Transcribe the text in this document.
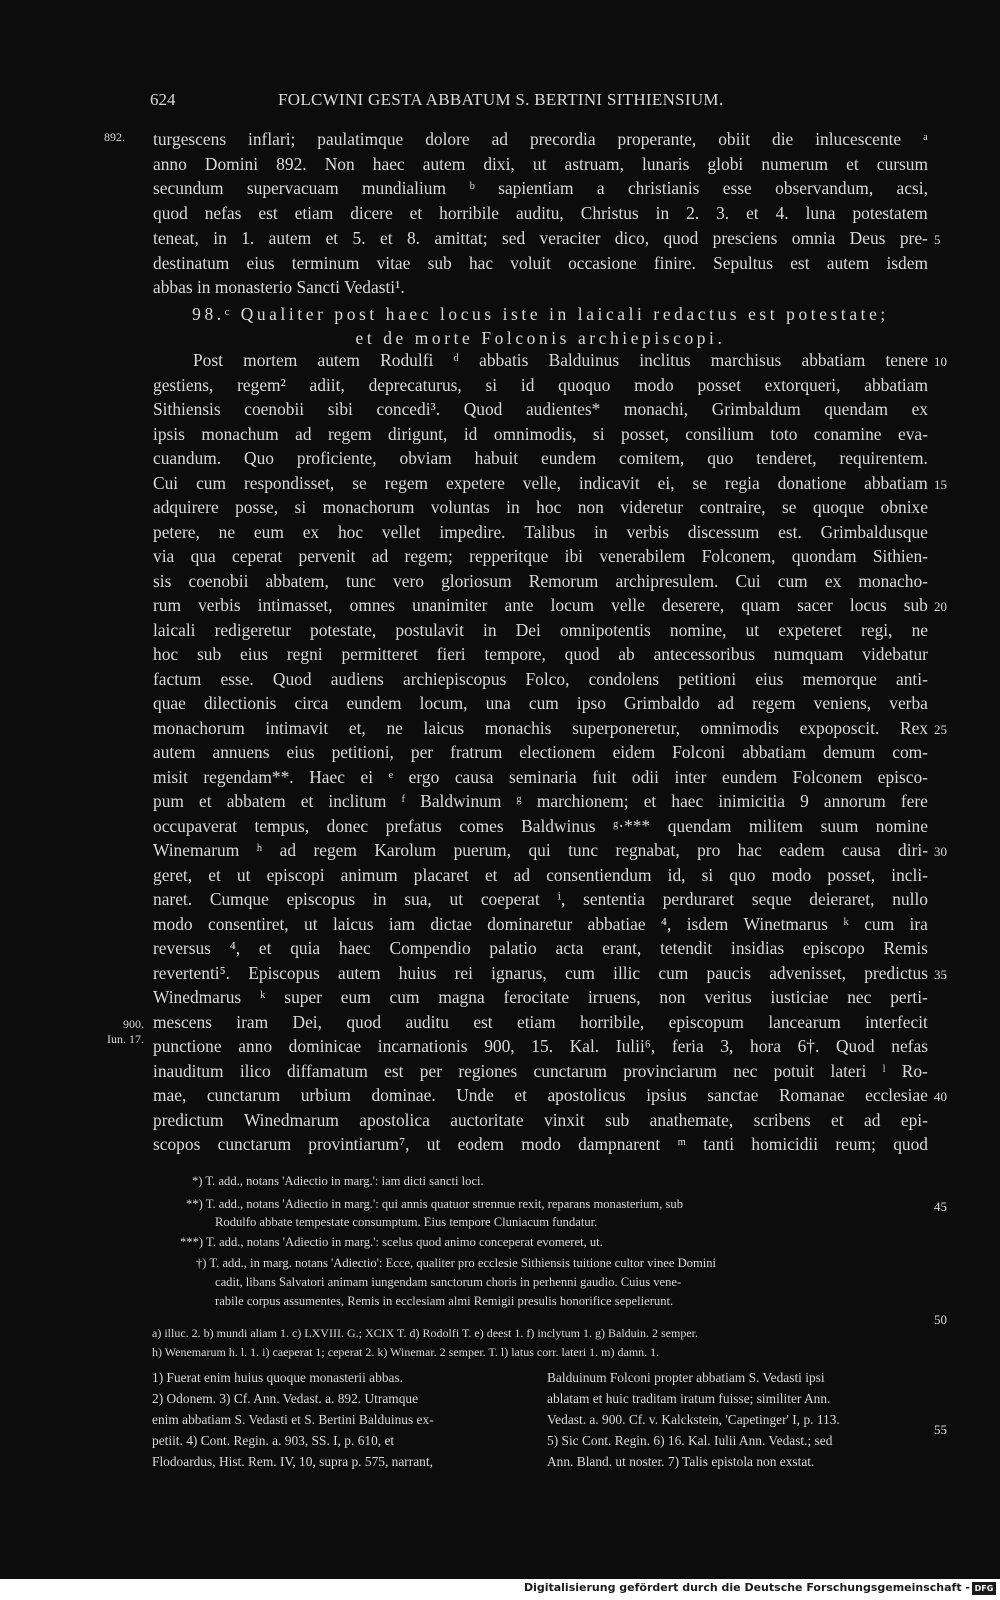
624	FOLCWINI GESTA ABBATUM S. BERTINI SITHIENSIUM.
892.
900.
Iun. 17.
Digitalisierung gefördert durch die Deutsche Forschungsgemeinschaft - DFG
turgescens inflari; paulatimque dolore ad precordia properante, obiit die inlucescente ᵃ
anno Domini 892. Non haec autem dixi, ut astruam, lunaris globi numerum et cursum
secundum supervacuam mundialium ᵇ sapientiam a christianis esse observandum, acsi,
quod nefas est etiam dicere et horribile auditu, Christus in 2. 3. et 4. luna potestatem
teneat, in 1. autem et 5. et 8. amittat; sed veraciter dico, quod presciens omnia Deus pre-
destinatum eius terminum vitae sub hac voluit occasione finire. Sepultus est autem isdem
abbas in monasterio Sancti Vedasti¹.
98.ᶜ Qualiter post haec locus iste in laicali redactus est potestate;
et de morte Folconis archiepiscopi.
Post mortem autem Rodulfi ᵈ abbatis Balduinus inclitus marchisus abbatiam tenere
gestiens, regem² adiit, deprecaturus, si id quoquo modo posset extorqueri, abbatiam
Sithiensis coenobii sibi concedi³. Quod audientes* monachi, Grimbaldum quendam ex
ipsis monachum ad regem dirigunt, id omnimodis, si posset, consilium toto conamine eva-
cuandum. Quo proficiente, obviam habuit eundem comitem, quo tenderet, requirentem.
Cui cum respondisset, se regem expetere velle, indicavit ei, se regia donatione abbatiam
adquirere posse, si monachorum voluntas in hoc non videretur contraire, se quoque obnixe
petere, ne eum ex hoc vellet impedire. Talibus in verbis discessum est. Grimbaldusque
via qua ceperat pervenit ad regem; repperitque ibi venerabilem Folconem, quondam Sithien-
sis coenobii abbatem, tunc vero gloriosum Remorum archipresulem. Cui cum ex monacho-
rum verbis intimasset, omnes unanimiter ante locum velle deserere, quam sacer locus sub
laicali redigeretur potestate, postulavit in Dei omnipotentis nomine, ut expeteret regi, ne
hoc sub eius regni permitteret fieri tempore, quod ab antecessoribus numquam videbatur
factum esse. Quod audiens archiepiscopus Folco, condolens petitioni eius memorque anti-
quae dilectionis circa eundem locum, una cum ipso Grimbaldo ad regem veniens, verba
monachorum intimavit et, ne laicus monachis superponeretur, omnimodis expoposcit. Rex
autem annuens eius petitioni, per fratrum electionem eidem Folconi abbatiam demum com-
misit regendam**. Haec ei ᵉ ergo causa seminaria fuit odii inter eundem Folconem episco-
pum et abbatem et inclitum ᶠ Baldwinum ᵍ marchionem; et haec inimicitia 9 annorum fere
occupaverat tempus, donec prefatus comes Baldwinus ᵍ·*** quendam militem suum nomine
Winemarum ʰ ad regem Karolum puerum, qui tunc regnabat, pro hac eadem causa diri-
geret, et ut episcopi animum placaret et ad consentiendum id, si quo modo posset, incli-
naret. Cumque episcopus in sua, ut coeperat ⁱ, sententia perduraret seque deieraret, nullo
modo consentiret, ut laicus iam dictae dominaretur abbatiae ⁴, isdem Winetmarus ᵏ cum ira
reversus ⁴, et quia haec Compendio palatio acta erant, tetendit insidias episcopo Remis
revertenti⁵. Episcopus autem huius rei ignarus, cum illic cum paucis advenisset, predictus
Winedmarus ᵏ super eum cum magna ferocitate irruens, non veritus iusticiae nec perti-
mescens iram Dei, quod auditu est etiam horribile, episcopum lancearum interfecit
punctione anno dominicae incarnationis 900, 15. Kal. Iulii⁶, feria 3, hora 6†. Quod nefas
inauditum ilico diffamatum est per regiones cunctarum provinciarum nec potuit lateri ˡ Ro-
mae, cunctarum urbium dominae. Unde et apostolicus ipsius sanctae Romanae ecclesiae
predictum Winedmarum apostolica auctoritate vinxit sub anathemate, scribens et ad epi-
scopos cunctarum provintiarum⁷, ut eodem modo dampnarent ᵐ tanti homicidii reum; quod
5
10
15
20
25
30
35
40
45
50
55
*) T. add., notans 'Adiectio in marg.': iam dicti sancti loci.
**) T. add., notans 'Adiectio in marg.': qui annis quatuor strennue rexit, reparans monasterium, sub
Rodulfo abbate tempestate consumptum. Eius tempore Cluniacum fundatur.
***) T. add., notans 'Adiectio in marg.': scelus quod animo conceperat evomeret, ut.
†) T. add., in marg. notans 'Adiectio': Ecce, qualiter pro ecclesie Sithiensis tuitione cultor vinee Domini
cadit, libans Salvatori animam iungendam sanctorum choris in perhenni gaudio. Cuius vene-
rabile corpus assumentes, Remis in ecclesiam almi Remigii presulis honorifice sepelierunt.
a) illuc. 2. b) mundi aliam 1. c) LXVIII. G.; XCIX T. d) Rodolfi T. e) deest 1. f) inclytum 1. g) Balduin. 2 semper.
h) Wenemarum h. l. 1. i) caeperat 1; ceperat 2. k) Winemar. 2 semper. T. l) latus corr. lateri 1. m) damn. 1.
1) Fuerat enim huius quoque monasterii abbas.
2) Odonem. 3) Cf. Ann. Vedast. a. 892. Utramque
enim abbatiam S. Vedasti et S. Bertini Balduinus ex-
petiit. 4) Cont. Regin. a. 903, SS. I, p. 610, et
Flodoardus, Hist. Rem. IV, 10, supra p. 575, narrant,
Balduinum Folconi propter abbatiam S. Vedasti ipsi
ablatam et huic traditam iratum fuisse; similiter Ann.
Vedast. a. 900. Cf. v. Kalckstein, 'Capetinger' I, p. 113.
5) Sic Cont. Regin. 6) 16. Kal. Iulii Ann. Vedast.; sed
Ann. Bland. ut noster. 7) Talis epistola non exstat.
